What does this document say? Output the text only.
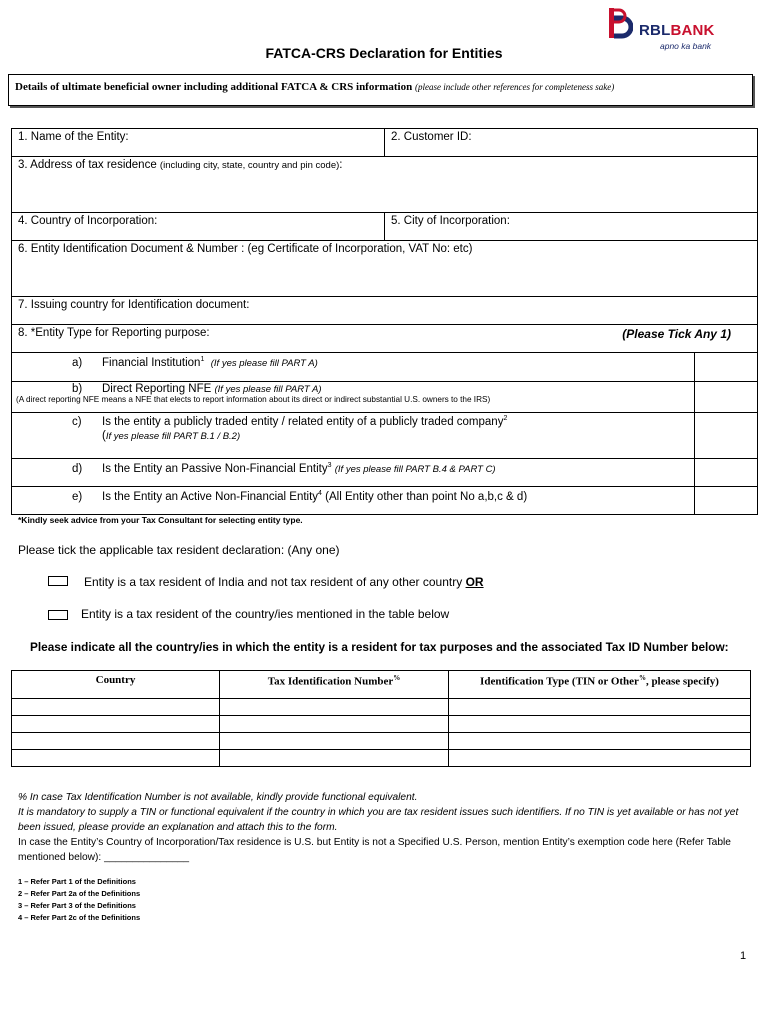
RBLBANK
apno ka bank
FATCA-CRS Declaration for Entities
Details of ultimate beneficial owner including additional FATCA & CRS information (please include other references for completeness sake)
1. Name of the Entity:	2. Customer ID:	
3. Address of tax residence (including city, state, country and pin code):		
4. Country of Incorporation:	5. City of Incorporation:	
6. Entity Identification Document & Number : (eg Certificate of Incorporation, VAT No: etc)		
7. Issuing country for Identification document:		
8. *Entity Type for Reporting purpose: (Please Tick Any 1)		

a) Financial Institution$^1$ (If yes please fill PART A)		

b) Direct Reporting NFE (If yes please fill PART A)
(A direct reporting NFE means a NFE that elects to report information about its direct or indirect substantial U.S. owners to the IRS)		

c) Is the entity a publicly traded entity / related entity of a publicly traded company$^2$
(If yes please fill PART B.1 / B.2)		

d) Is the Entity an Passive Non-Financial Entity$^3$ (If yes please fill PART B.4 & PART C)		
e) Is the Entity an Active Non-Financial Entity$^4$ (All Entity other than point No a,b,c & d)		
*Kindly seek advice from your Tax Consultant for selecting entity type.
Please tick the applicable tax resident declaration: (Any one)
Entity is a tax resident of India and not tax resident of any other country OR
Entity is a tax resident of the country/ies mentioned in the table below
Please indicate all the country/ies in which the entity is a resident for tax purposes and the associated Tax ID Number below:
Country	Tax Identification Number%	Identification Type (TIN or Other%, please specify)

% In case Tax Identification Number is not available, kindly provide functional equivalent.
It is mandatory to supply a TIN or functional equivalent if the country in which you are tax resident issues such identifiers. If no TIN is yet available or has not yet been issued, please provide an explanation and attach this to the form.
In case the Entity’s Country of Incorporation/Tax residence is U.S. but Entity is not a Specified U.S. Person, mention Entity’s exemption code here (Refer Table mentioned below): _______________
1 – Refer Part 1 of the Definitions
2 – Refer Part 2a of the Definitions
3 – Refer Part 3 of the Definitions
4 – Refer Part 2c of the Definitions
1
